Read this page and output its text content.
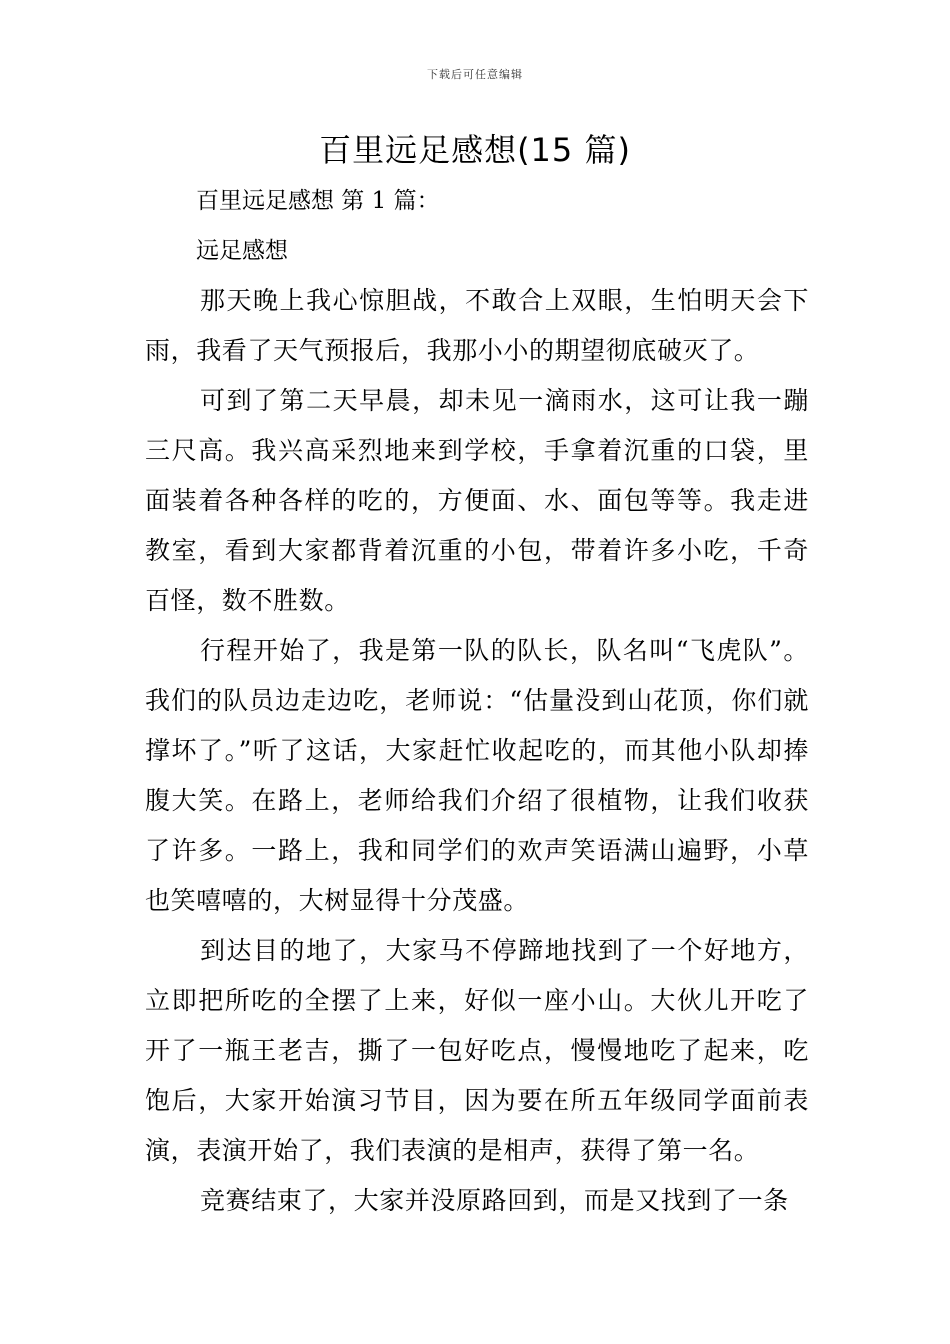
下载后可任意编辑
百里远足感想(15 篇)
百里远足感想 第 1 篇：
远足感想

那天晚上我心惊胆战，不敢合上双眼，生怕明天会下雨，我看了天气预报后，我那小小的期望彻底破灭了。

可到了第二天早晨，却未见一滴雨水，这可让我一蹦三尺高。我兴高采烈地来到学校，手拿着沉重的口袋，里面装着各种各样的吃的，方便面、水、面包等等。我走进教室，看到大家都背着沉重的小包，带着许多小吃，千奇百怪，数不胜数。

行程开始了，我是第一队的队长，队名叫“飞虎队”。我们的队员边走边吃，老师说：“估量没到山花顶，你们就撑坏了。”听了这话，大家赶忙收起吃的，而其他小队却捧腹大笑。在路上，老师给我们介绍了很植物，让我们收获了许多。一路上，我和同学们的欢声笑语满山遍野，小草也笑嘻嘻的，大树显得十分茂盛。

到达目的地了，大家马不停蹄地找到了一个好地方，立即把所吃的全摆了上来，好似一座小山。大伙儿开吃了开了一瓶王老吉，撕了一包好吃点，慢慢地吃了起来，吃饱后，大家开始演习节目，因为要在所五年级同学面前表演，表演开始了，我们表演的是相声，获得了第一名。

竞赛结束了，大家并没原路回到，而是又找到了一条
